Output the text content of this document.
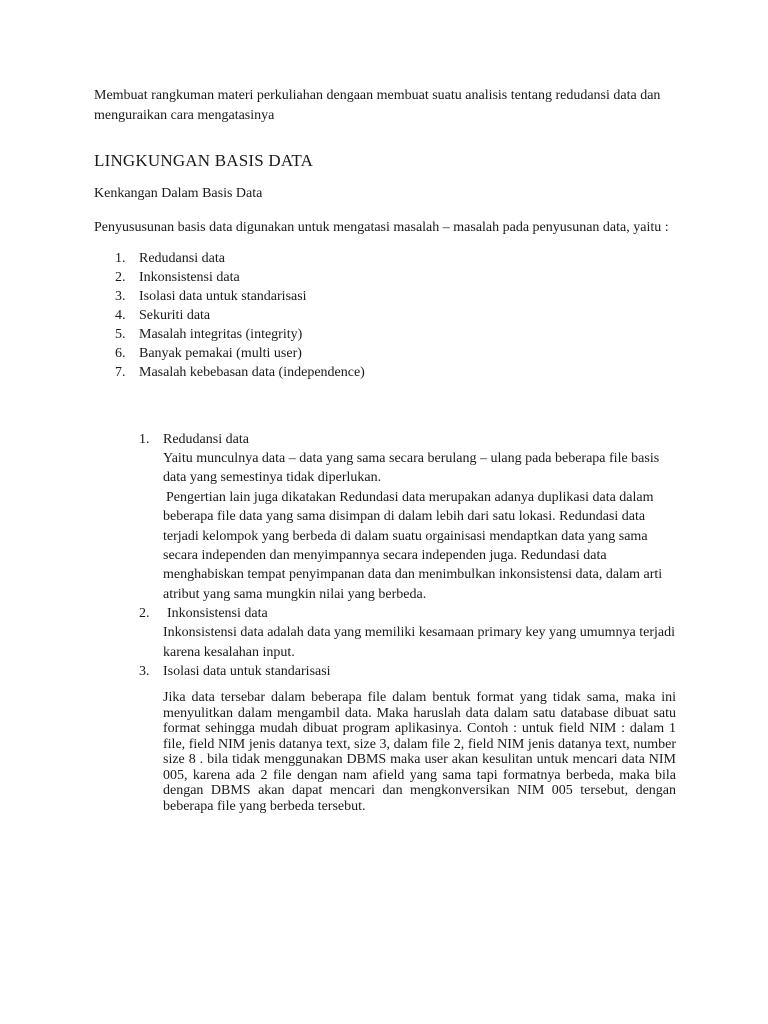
Membuat rangkuman materi perkuliahan dengaan membuat suatu analisis tentang redudansi data dan menguraikan cara mengatasinya

LINGKUNGAN BASIS DATA

Kenkangan Dalam Basis Data

Penyususunan basis data digunakan untuk mengatasi masalah – masalah pada penyusunan data, yaitu :

1. Redudansi data
2. Inkonsistensi data
3. Isolasi data untuk standarisasi
4. Sekuriti data
5. Masalah integritas (integrity)
6. Banyak pemakai (multi user)
7. Masalah kebebasan data (independence)
1. Redudansi data
Yaitu munculnya data – data yang sama secara berulang – ulang pada beberapa file basis data yang semestinya tidak diperlukan.
Pengertian lain juga dikatakan Redundasi data merupakan adanya duplikasi data dalam beberapa file data yang sama disimpan di dalam lebih dari satu lokasi. Redundasi data terjadi kelompok yang berbeda di dalam suatu orgainisasi mendaptkan data yang sama secara independen dan menyimpannya secara independen juga. Redundasi data menghabiskan tempat penyimpanan data dan menimbulkan inkonsistensi data, dalam arti atribut yang sama mungkin nilai yang berbeda.
2. Inkonsistensi data
Inkonsistensi data adalah data yang memiliki kesamaan primary key yang umumnya terjadi karena kesalahan input.
3. Isolasi data untuk standarisasi
Jika data tersebar dalam beberapa file dalam bentuk format yang tidak sama, maka ini menyulitkan dalam mengambil data. Maka haruslah data dalam satu database dibuat satu format sehingga mudah dibuat program aplikasinya. Contoh : untuk field NIM : dalam 1 file, field NIM jenis datanya text, size 3, dalam file 2, field NIM jenis datanya text, number size 8 . bila tidak menggunakan DBMS maka user akan kesulitan untuk mencari data NIM 005, karena ada 2 file dengan nam afield yang sama tapi formatnya berbeda, maka bila dengan DBMS akan dapat mencari dan mengkonversikan NIM 005 tersebut, dengan beberapa file yang berbeda tersebut.
